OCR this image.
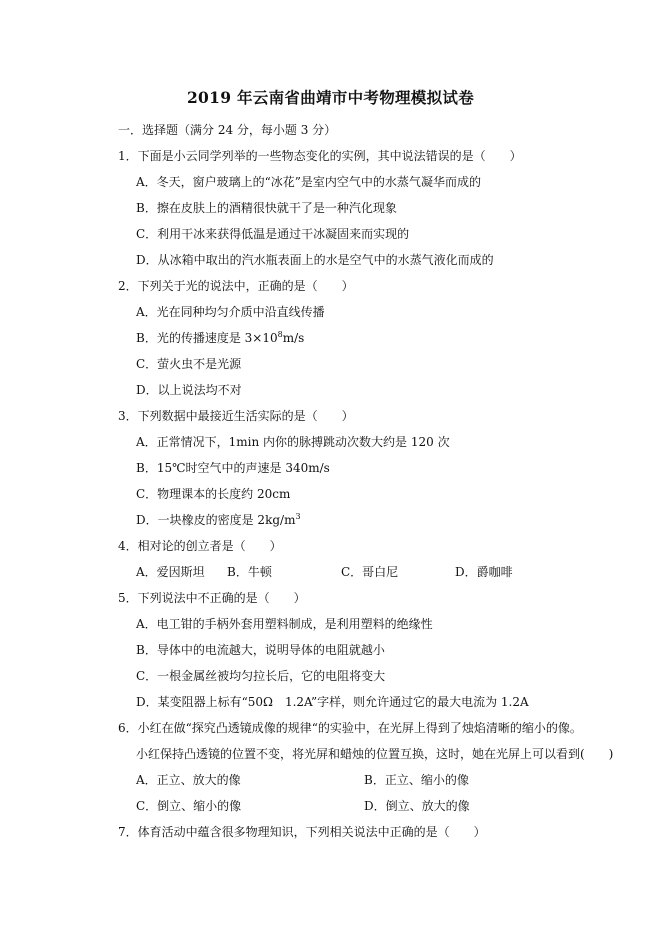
2019 年云南省曲靖市中考物理模拟试卷
一．选择题（满分 24 分，每小题 3 分）
1．下面是小云同学列举的一些物态变化的实例，其中说法错误的是（　　）
A．冬天，窗户玻璃上的“冰花”是室内空气中的水蒸气凝华而成的
B．擦在皮肤上的酒精很快就干了是一种汽化现象
C．利用干冰来获得低温是通过干冰凝固来而实现的
D．从冰箱中取出的汽水瓶表面上的水是空气中的水蒸气液化而成的
2．下列关于光的说法中，正确的是（　　）
A．光在同种均匀介质中沿直线传播
B．光的传播速度是 $3\times 10^8m/s$
C．萤火虫不是光源
D．以上说法均不对
3．下列数据中最接近生活实际的是（　　）
A．正常情况下，1min 内你的脉搏跳动次数大约是 120 次
B．15℃时空气中的声速是 340m/s
C．物理课本的长度约 20cm
D．一块橡皮的密度是 $2kg/m^3$
4．相对论的创立者是（　　）
A．爱因斯坦 B．牛顿	C．哥白尼	D．爵咖啡
5．下列说法中不正确的是（　　）
A．电工钳的手柄外套用塑料制成，是利用塑料的绝缘性
B．导体中的电流越大，说明导体的电阻就越小
C．一根金属丝被均匀拉长后，它的电阻将变大
D．某变阻器上标有“50Ω　1.2A”字样，则允许通过它的最大电流为 1.2A
6．小红在做“探究凸透镜成像的规律“的实验中，在光屏上得到了烛焰清晰的缩小的像。
小红保持凸透镜的位置不变，将光屏和蜡烛的位置互换，这时，她在光屏上可以看到(　　)
A．正立、放大的像	B．正立、缩小的像
C．倒立、缩小的像	D．倒立、放大的像
7．体育活动中蕴含很多物理知识，下列相关说法中正确的是（　　）
